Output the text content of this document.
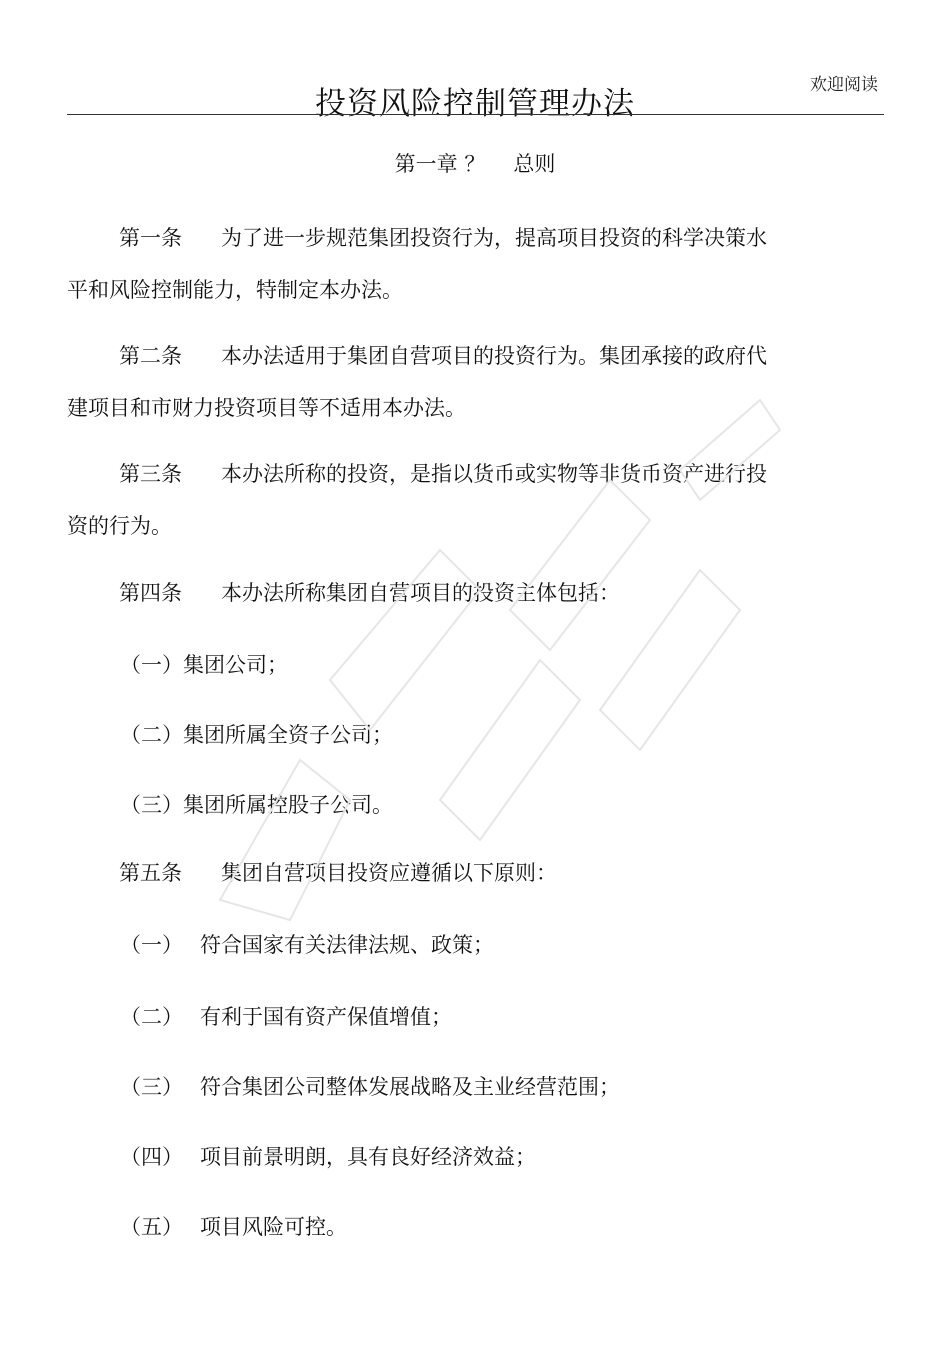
欢迎阅读
投资风险控制管理办法
第一章 ？ 总则
第一条 为了进一步规范集团投资行为，提高项目投资的科学决策水
平和风险控制能力，特制定本办法。
第二条 本办法适用于集团自营项目的投资行为。集团承接的政府代
建项目和市财力投资项目等不适用本办法。
第三条 本办法所称的投资，是指以货币或实物等非货币资产进行投
资的行为。
第四条 本办法所称集团自营项目的投资主体包括：
（一）集团公司；
（二）集团所属全资子公司；
（三）集团所属控股子公司。
第五条 集团自营项目投资应遵循以下原则：
（一） 符合国家有关法律法规、政策；
（二） 有利于国有资产保值增值；
（三） 符合集团公司整体发展战略及主业经营范围；
（四） 项目前景明朗，具有良好经济效益；
（五） 项目风险可控。
